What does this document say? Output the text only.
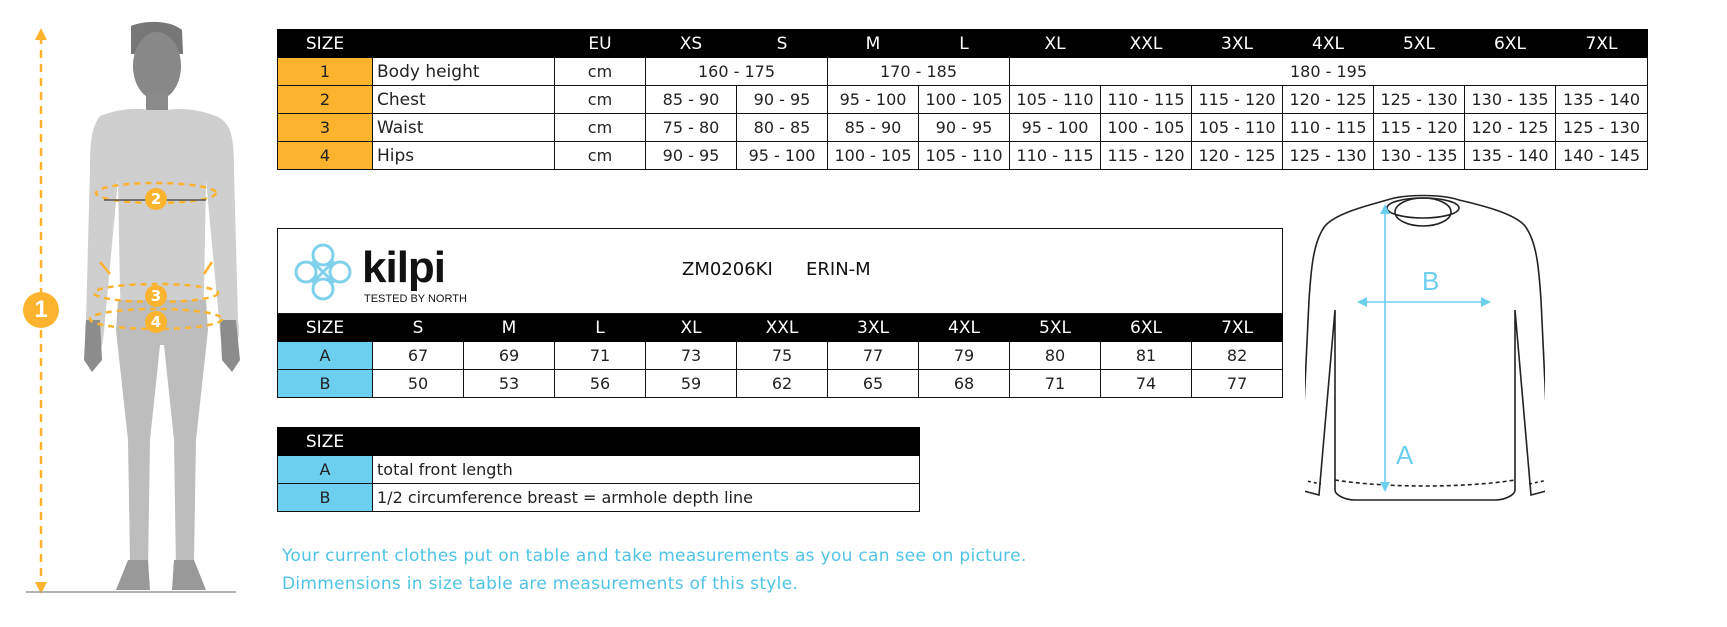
1
2
3
4
SIZE		EU	XS	S	M	L	XL	XXL	3XL	4XL	5XL	6XL	7XL
1	Body height	cm	160 - 175		170 - 185		180 - 195						
2	Chest	cm	85 - 90	90 - 95	95 - 100	100 - 105	105 - 110	110 - 115	115 - 120	120 - 125	125 - 130	130 - 135	135 - 140
3	Waist	cm	75 - 80	80 - 85	85 - 90	90 - 95	95 - 100	100 - 105	105 - 110	110 - 115	115 - 120	120 - 125	125 - 130
4	Hips	cm	90 - 95	95 - 100	100 - 105	105 - 110	110 - 115	115 - 120	120 - 125	125 - 130	130 - 135	135 - 140	140 - 145
kilpi
TESTED BY NORTH
ZM0206KI ERIN-M										

SIZE	S	M	L	XL	XXL	3XL	4XL	5XL	6XL	7XL
A	67	69	71	73	75	77	79	80	81	82
B	50	53	56	59	62	65	68	71	74	77
SIZE	
A	total front length
B	1/2 circumference breast = armhole depth line
Your current clothes put on table and take measurements as you can see on picture.
Dimmensions in size table are measurements of this style.
B
A
